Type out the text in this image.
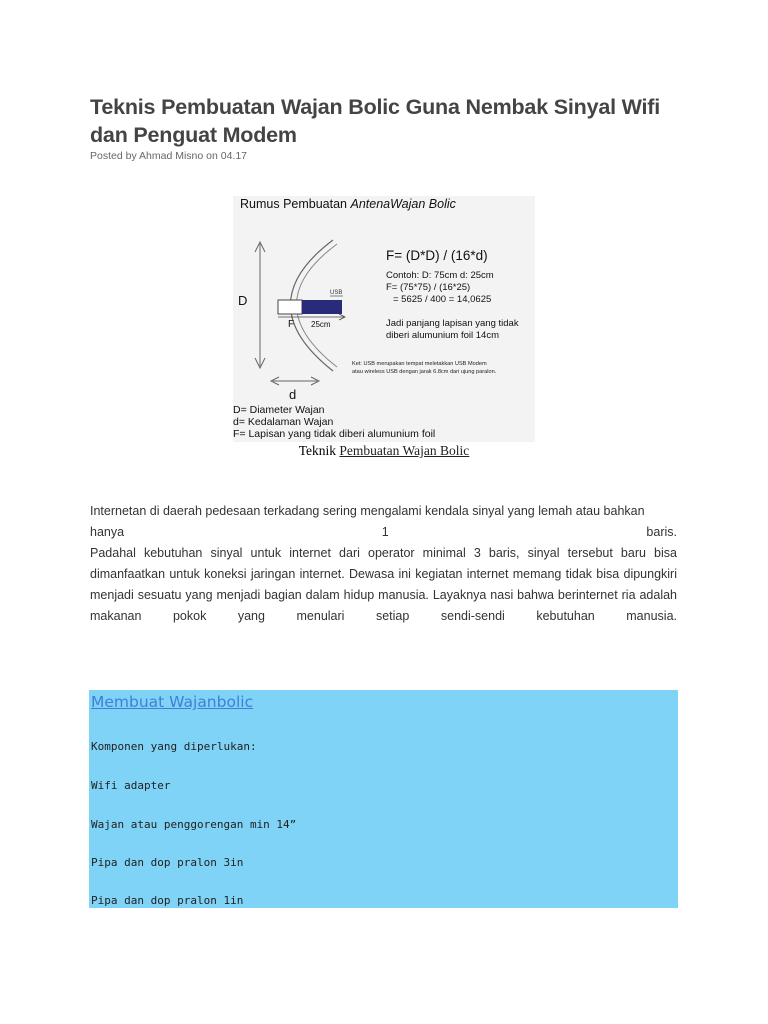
Teknis Pembuatan Wajan Bolic Guna Nembak Sinyal Wifi dan Penguat Modem
Posted by Ahmad Misno on 04.17
Rumus Pembuatan AntenaWajan Bolic
D	USB
F 25cm
d
F= (D*D) / (16*d)
Contoh: D: 75cm d: 25cm
F= (75*75) / (16*25)
= 5625 / 400 = 14,0625
Jadi panjang lapisan yang tidak
diberi alumunium foil 14cm
Ket: USB merupakan tempat meletakkan USB Modem
atau wireless USB dengan jarak 6.8cm dari ujung paralon.
D= Diameter Wajan
d= Kedalaman Wajan
F= Lapisan yang tidak diberi alumunium foil
Teknik Pembuatan Wajan Bolic
Internetan di daerah pedesaan terkadang sering mengalami kendala sinyal yang lemah atau bahkan
hanya	1	baris.
Padahal kebutuhan sinyal untuk internet dari operator minimal 3 baris, sinyal tersebut baru bisa dimanfaatkan untuk koneksi jaringan internet. Dewasa ini kegiatan internet memang tidak bisa dipungkiri menjadi sesuatu yang menjadi bagian dalam hidup manusia. Layaknya nasi bahwa berinternet ria adalah makanan pokok yang menulari setiap sendi-sendi kebutuhan manusia.
Membuat Wajanbolic
Komponen yang diperlukan:
Wifi adapter
Wajan atau penggorengan min 14”
Pipa dan dop pralon 3in
Pipa dan dop pralon 1in
